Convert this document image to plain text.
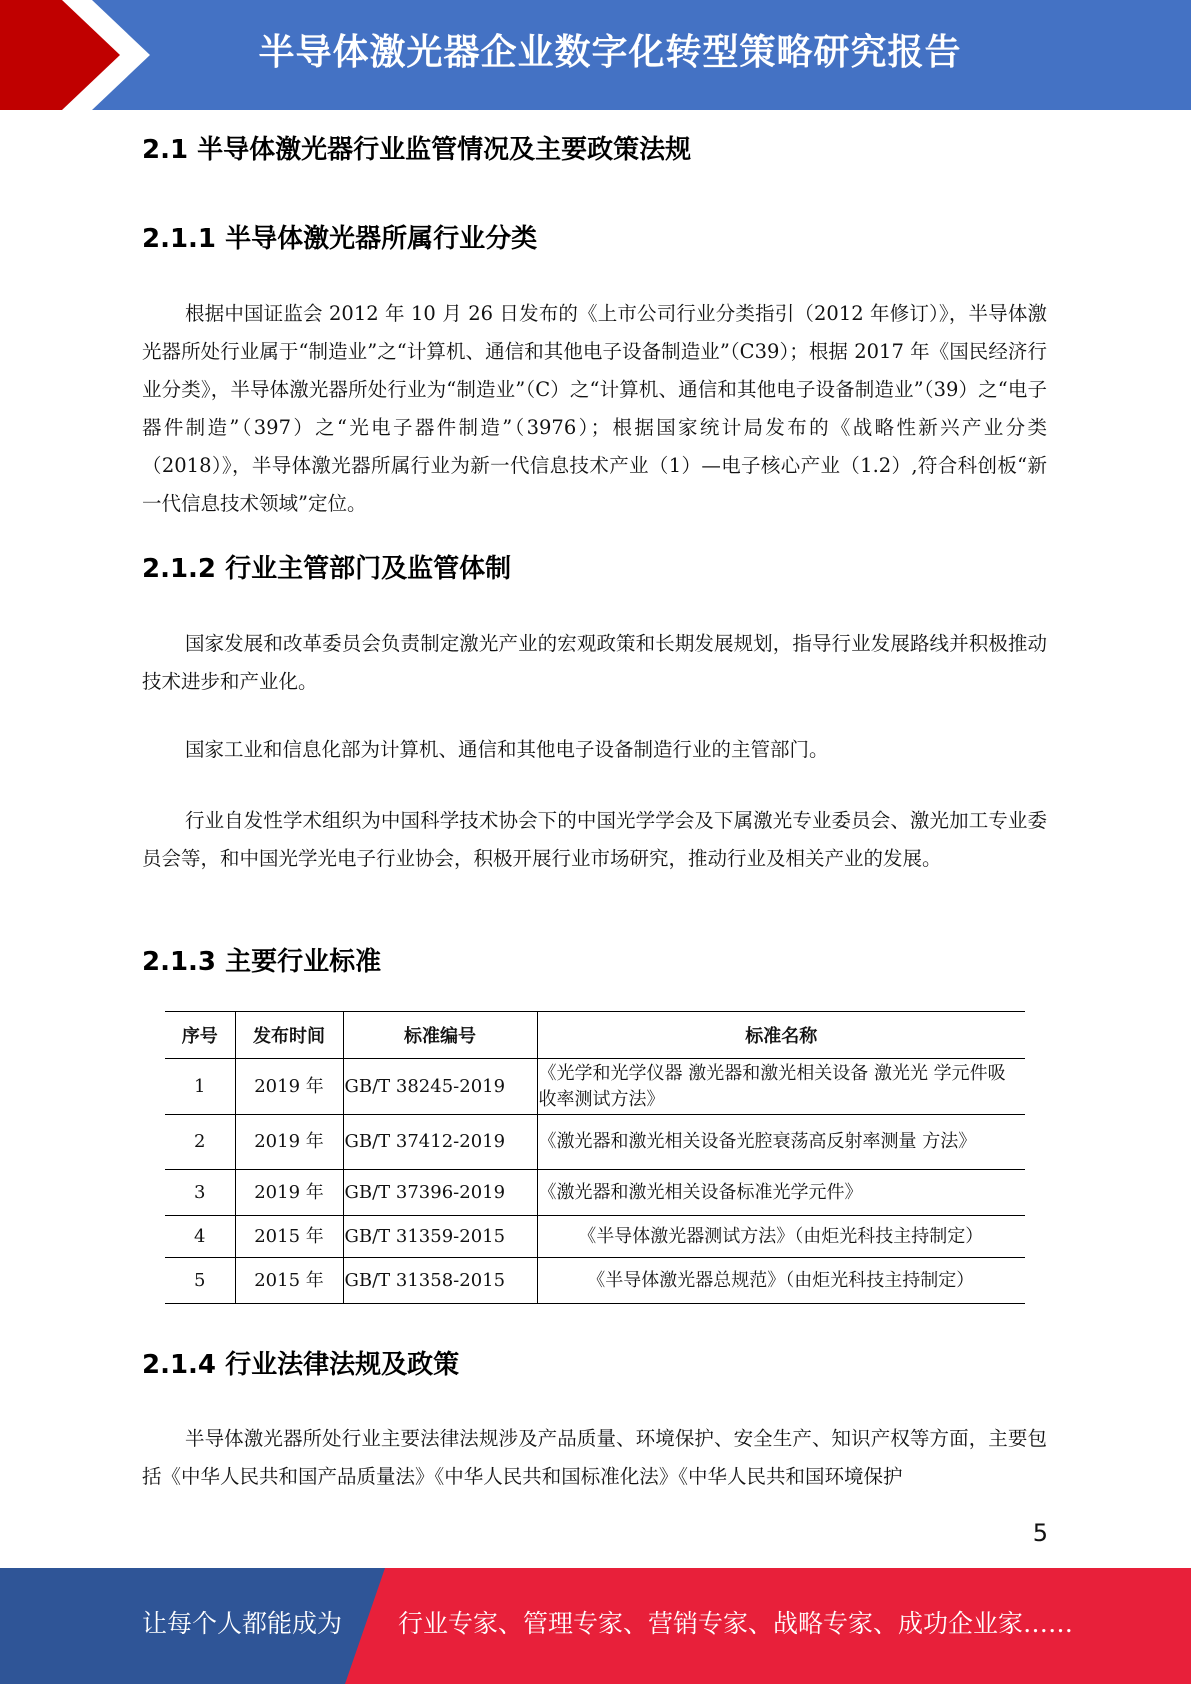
半导体激光器企业数字化转型策略研究报告
2.1 半导体激光器行业监管情况及主要政策法规
2.1.1 半导体激光器所属行业分类

根据中国证监会 2012 年 10 月 26 日发布的《上市公司行业分类指引（2012 年修订）》，半导体激光器所处行业属于“制造业”之“计算机、通信和其他电子设备制造业”（C39）；根据 2017 年《国民经济行业分类》，半导体激光器所处行业为“制造业”（C）之“计算机、通信和其他电子设备制造业”（39）之“电子器件制造”（397）之“光电子器件制造”（3976）；根据国家统计局发布的《战略性新兴产业分类（2018）》，半导体激光器所属行业为新一代信息技术产业（1）—电子核心产业（1.2）,符合科创板“新一代信息技术领域”定位。

2.1.2 行业主管部门及监管体制

国家发展和改革委员会负责制定激光产业的宏观政策和长期发展规划，指导行业发展路线并积极推动技术进步和产业化。

国家工业和信息化部为计算机、通信和其他电子设备制造行业的主管部门。

行业自发性学术组织为中国科学技术协会下的中国光学学会及下属激光专业委员会、激光加工专业委员会等，和中国光学光电子行业协会，积极开展行业市场研究，推动行业及相关产业的发展。

2.1.3 主要行业标准
序号	发布时间	标准编号	标准名称
1	2019 年	GB/T 38245-2019	《光学和光学仪器 激光器和激光相关设备 激光光 学元件吸收率测试方法》
2	2019 年	GB/T 37412-2019	《激光器和激光相关设备光腔衰荡高反射率测量 方法》
3	2019 年	GB/T 37396-2019	《激光器和激光相关设备标准光学元件》
4	2015 年	GB/T 31359-2015	《半导体激光器测试方法》（由炬光科技主持制定）
5	2015 年	GB/T 31358-2015	《半导体激光器总规范》（由炬光科技主持制定）
2.1.4 行业法律法规及政策

半导体激光器所处行业主要法律法规涉及产品质量、环境保护、安全生产、知识产权等方面，主要包括《中华人民共和国产品质量法》《中华人民共和国标准化法》《中华人民共和国环境保护

5
让每个人都能成为 行业专家、管理专家、营销专家、战略专家、成功企业家……
